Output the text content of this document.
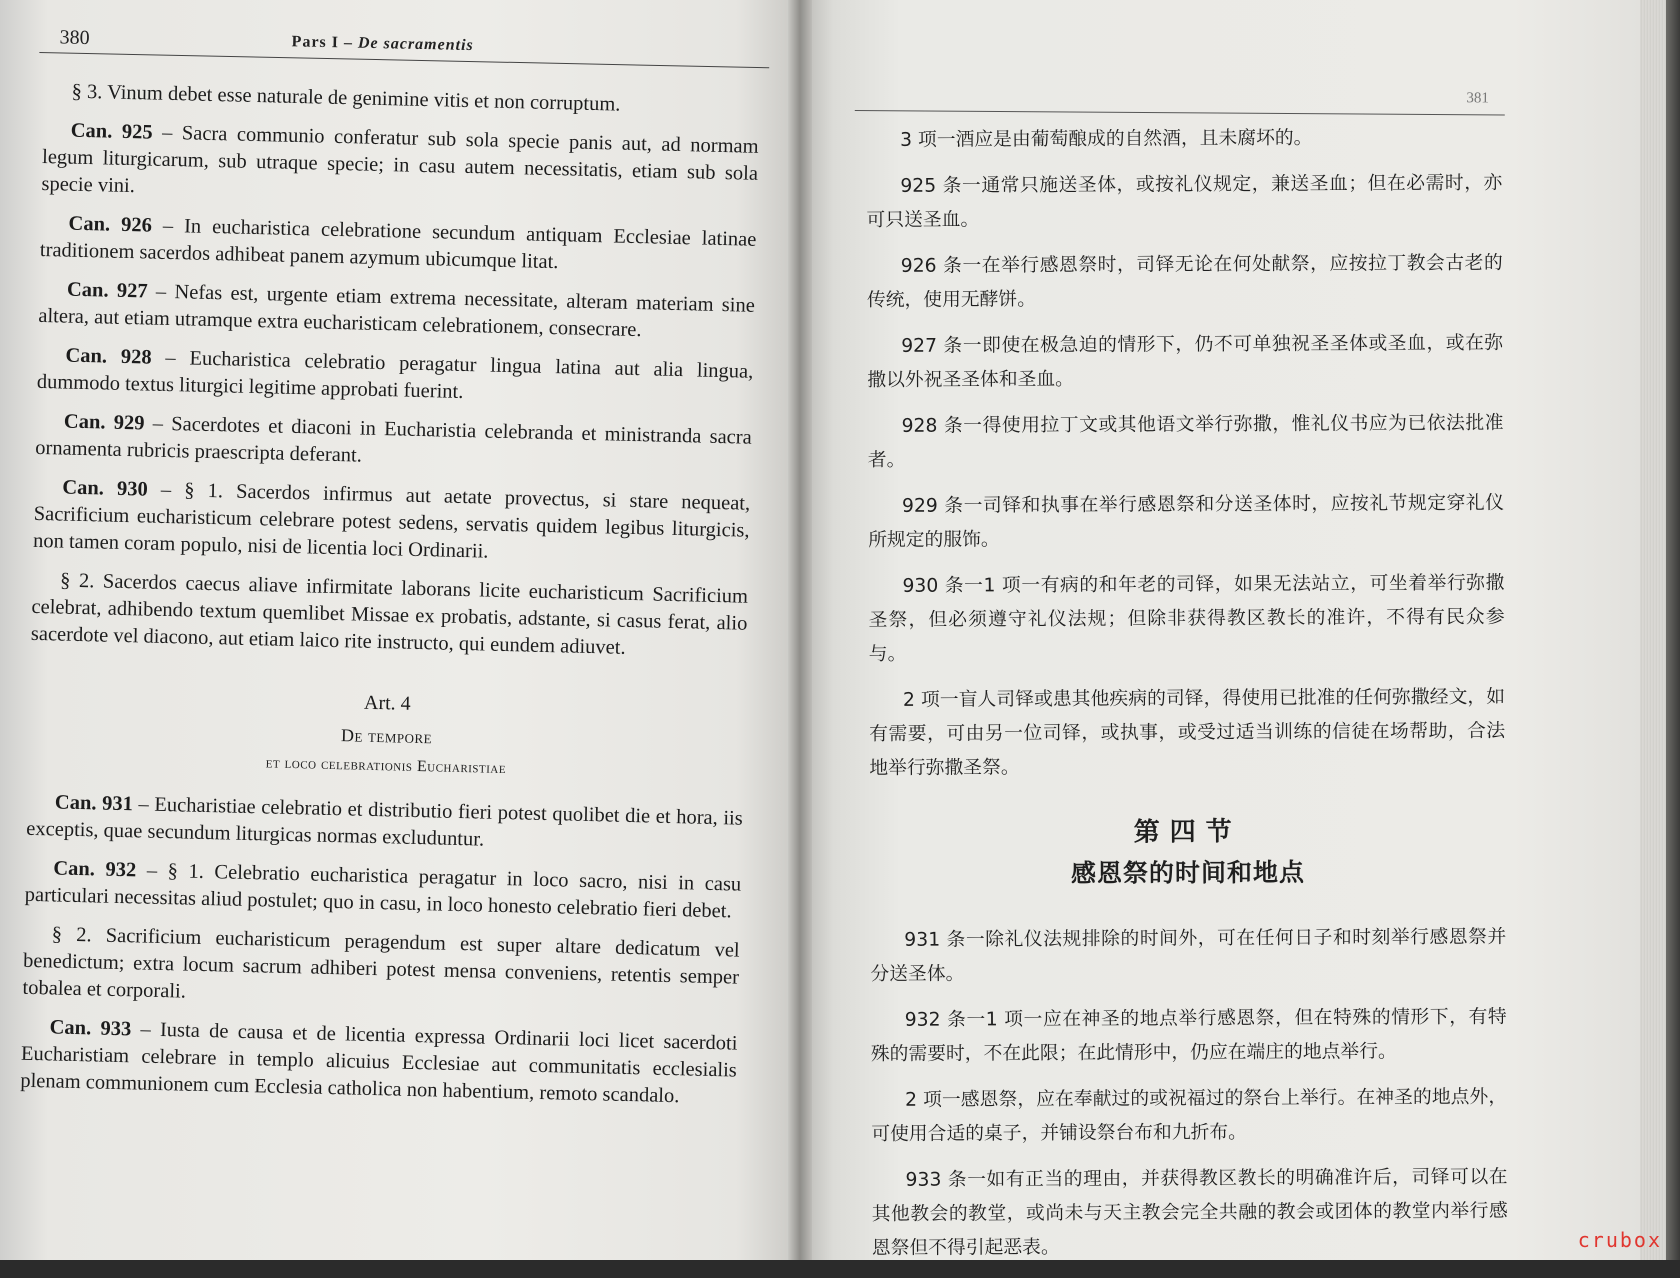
380	Pars I – De sacramentis

§ 3. Vinum debet esse naturale de genimine vitis et non corruptum.

Can. 925 – Sacra communio conferatur sub sola specie panis aut, ad normam legum liturgicarum, sub utraque specie; in casu autem necessitatis, etiam sub sola specie vini.

Can. 926 – In eucharistica celebratione secundum antiquam Ecclesiae latinae traditionem sacerdos adhibeat panem azymum ubicumque litat.

Can. 927 – Nefas est, urgente etiam extrema necessitate, alteram materiam sine altera, aut etiam utramque extra eucharisticam celebrationem, consecrare.

Can. 928 – Eucharistica celebratio peragatur lingua latina aut alia lingua, dummodo textus liturgici legitime approbati fuerint.

Can. 929 – Sacerdotes et diaconi in Eucharistia celebranda et ministranda sacra ornamenta rubricis praescripta deferant.

Can. 930 – § 1. Sacerdos infirmus aut aetate provectus, si stare nequeat, Sacrificium eucharisticum celebrare potest sedens, servatis quidem legibus liturgicis, non tamen coram populo, nisi de licentia loci Ordinarii.

§ 2. Sacerdos caecus aliave infirmitate laborans licite eucharisticum Sacrificium celebrat, adhibendo textum quemlibet Missae ex probatis, adstante, si casus ferat, alio sacerdote vel diacono, aut etiam laico rite instructo, qui eundem adiuvet.

Art. 4
De tempore
et loco celebrationis Eucharistiae

Can. 931 – Eucharistiae celebratio et distributio fieri potest quolibet die et hora, iis exceptis, quae secundum liturgicas normas excluduntur.

Can. 932 – § 1. Celebratio eucharistica peragatur in loco sacro, nisi in casu particulari necessitas aliud postulet; quo in casu, in loco honesto celebratio fieri debet.

§ 2. Sacrificium eucharisticum peragendum est super altare dedicatum vel benedictum; extra locum sacrum adhiberi potest mensa conveniens, retentis semper tobalea et corporali.

Can. 933 – Iusta de causa et de licentia expressa Ordinarii loci licet sacerdoti Eucharistiam celebrare in templo alicuius Ecclesiae aut communitatis ecclesialis plenam communionem cum Ecclesia catholica non habentium, remoto scandalo.

381

3 项一酒应是由葡萄酿成的自然酒，且未腐坏的。

925 条一通常只施送圣体，或按礼仪规定，兼送圣血；但在必需时，亦可只送圣血。

926 条一在举行感恩祭时，司铎无论在何处献祭，应按拉丁教会古老的传统，使用无酵饼。

927 条一即使在极急迫的情形下，仍不可单独祝圣圣体或圣血，或在弥撒以外祝圣圣体和圣血。

928 条一得使用拉丁文或其他语文举行弥撒，惟礼仪书应为已依法批准者。

929 条一司铎和执事在举行感恩祭和分送圣体时，应按礼节规定穿礼仪所规定的服饰。

930 条一1 项一有病的和年老的司铎，如果无法站立，可坐着举行弥撒圣祭，但必须遵守礼仪法规；但除非获得教区教长的准许，不得有民众参与。

2 项一盲人司铎或患其他疾病的司铎，得使用已批准的任何弥撒经文，如有需要，可由另一位司铎，或执事，或受过适当训练的信徒在场帮助，合法地举行弥撒圣祭。

第四节

感恩祭的时间和地点

931 条一除礼仪法规排除的时间外，可在任何日子和时刻举行感恩祭并分送圣体。

932 条一1 项一应在神圣的地点举行感恩祭，但在特殊的情形下，有特殊的需要时，不在此限；在此情形中，仍应在端庄的地点举行。

2 项一感恩祭，应在奉献过的或祝福过的祭台上举行。在神圣的地点外，可使用合适的桌子，并铺设祭台布和九折布。

933 条一如有正当的理由，并获得教区教长的明确准许后，司铎可以在其他教会的教堂，或尚未与天主教会完全共融的教会或团体的教堂内举行感恩祭但不得引起恶表。	crubox
